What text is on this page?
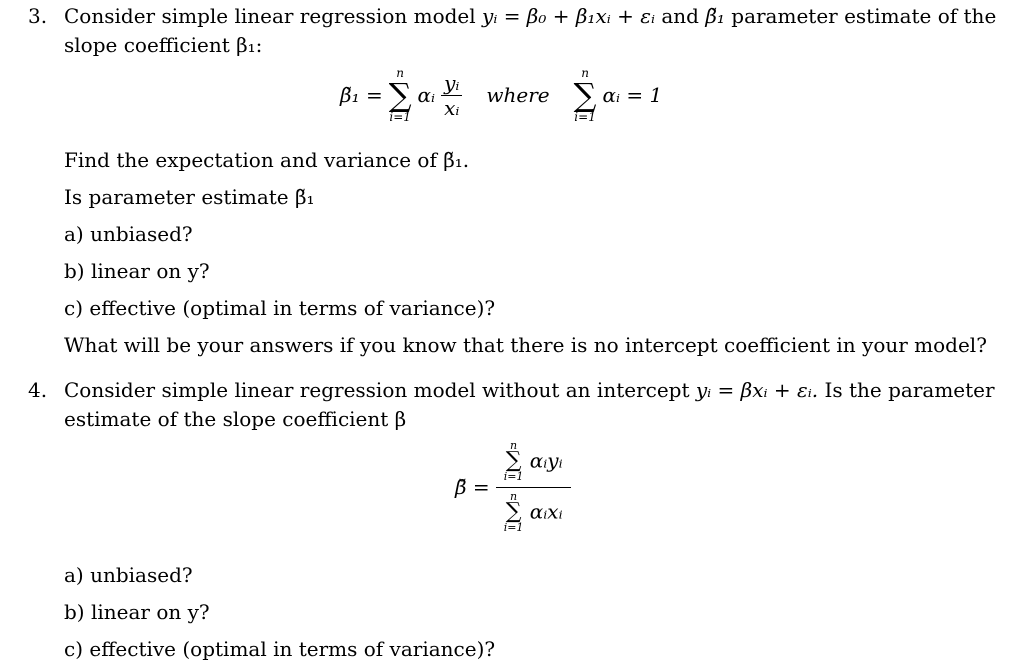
3. Consider simple linear regression model yᵢ = β₀ + β₁xᵢ + εᵢ and β̃₁ parameter estimate of the
slope coefficient β₁:
β̃₁ =
n
∑
i=1
αᵢ $\frac{\text{yᵢ}}{\text{xᵢ}}$ where
n
∑
i=1
αᵢ = 1
Find the expectation and variance of β̃₁.
Is parameter estimate β̃₁
a) unbiased?
b) linear on y?
c) effective (optimal in terms of variance)?
What will be your answers if you know that there is no intercept coefficient in your model?
4. Consider simple linear regression model without an intercept yᵢ = βxᵢ + εᵢ. Is the parameter
estimate of the slope coefficient β
β̆ =
n
∑
i=1
αᵢyᵢ
n
∑
i=1
αᵢxᵢ
a) unbiased?
b) linear on y?
c) effective (optimal in terms of variance)?
